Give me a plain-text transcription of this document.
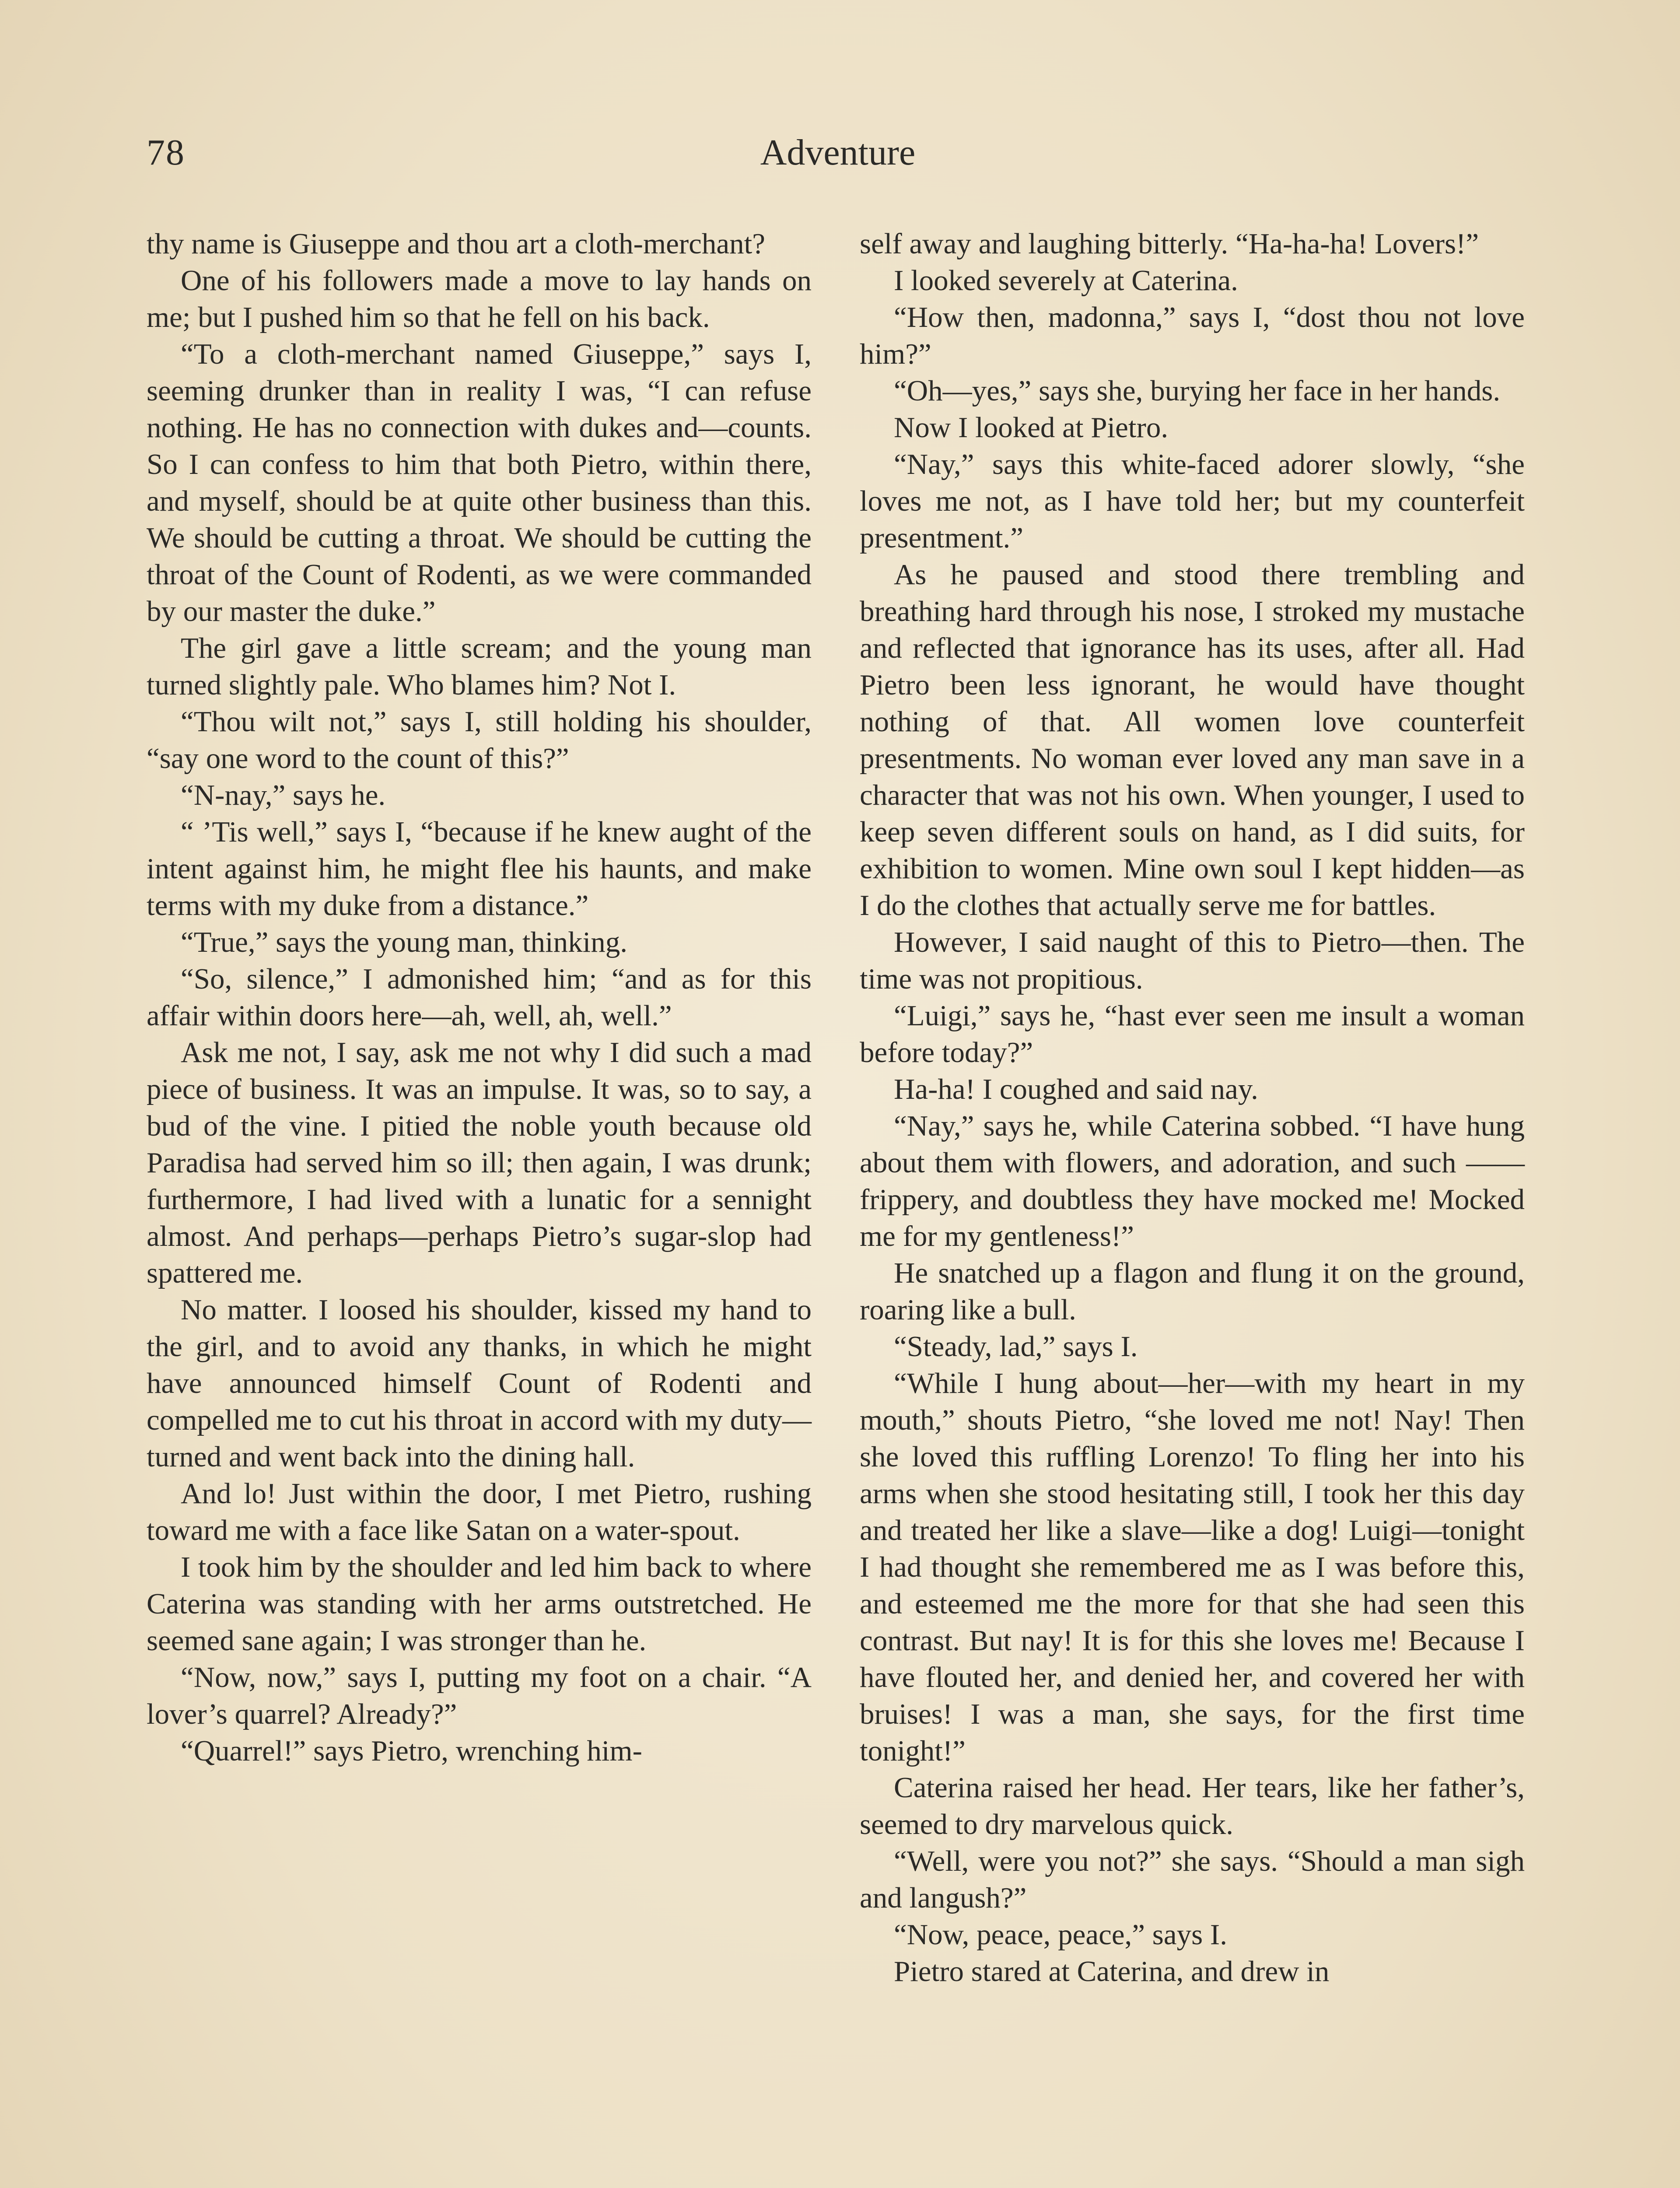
78	Adventure

thy name is Giuseppe and thou art a cloth-merchant?

One of his followers made a move to lay hands on me; but I pushed him so that he fell on his back.

“To a cloth-merchant named Giuseppe,” says I, seeming drunker than in reality I was, “I can refuse nothing. He has no connection with dukes and—counts. So I can confess to him that both Pietro, within there, and myself, should be at quite other business than this. We should be cutting a throat. We should be cutting the throat of the Count of Rodenti, as we were commanded by our master the duke.”

The girl gave a little scream; and the young man turned slightly pale. Who blames him? Not I.

“Thou wilt not,” says I, still holding his shoulder, “say one word to the count of this?”

“N-nay,” says he.

“ ’Tis well,” says I, “because if he knew aught of the intent against him, he might flee his haunts, and make terms with my duke from a distance.”

“True,” says the young man, thinking.

“So, silence,” I admonished him; “and as for this affair within doors here—ah, well, ah, well.”

Ask me not, I say, ask me not why I did such a mad piece of business. It was an impulse. It was, so to say, a bud of the vine. I pitied the noble youth because old Paradisa had served him so ill; then again, I was drunk; furthermore, I had lived with a lunatic for a sennight almost. And perhaps—perhaps Pietro’s sugar-slop had spattered me.

No matter. I loosed his shoulder, kissed my hand to the girl, and to avoid any thanks, in which he might have announced himself Count of Rodenti and compelled me to cut his throat in accord with my duty—turned and went back into the dining hall.

And lo! Just within the door, I met Pietro, rushing toward me with a face like Satan on a water-spout.

I took him by the shoulder and led him back to where Caterina was standing with her arms outstretched. He seemed sane again; I was stronger than he.

“Now, now,” says I, putting my foot on a chair. “A lover’s quarrel? Already?”

“Quarrel!” says Pietro, wrenching him-

self away and laughing bitterly. “Ha-ha-ha! Lovers!”

I looked severely at Caterina.

“How then, madonna,” says I, “dost thou not love him?”

“Oh—yes,” says she, burying her face in her hands.

Now I looked at Pietro.

“Nay,” says this white-faced adorer slowly, “she loves me not, as I have told her; but my counterfeit presentment.”

As he paused and stood there trembling and breathing hard through his nose, I stroked my mustache and reflected that ignorance has its uses, after all. Had Pietro been less ignorant, he would have thought nothing of that. All women love counterfeit presentments. No woman ever loved any man save in a character that was not his own. When younger, I used to keep seven different souls on hand, as I did suits, for exhibition to women. Mine own soul I kept hidden—as I do the clothes that actually serve me for battles.

However, I said naught of this to Pietro—then. The time was not propitious.

“Luigi,” says he, “hast ever seen me insult a woman before today?”

Ha-ha! I coughed and said nay.

“Nay,” says he, while Caterina sobbed. “I have hung about them with flowers, and adoration, and such —— frippery, and doubtless they have mocked me! Mocked me for my gentleness!”

He snatched up a flagon and flung it on the ground, roaring like a bull.

“Steady, lad,” says I.

“While I hung about—her—with my heart in my mouth,” shouts Pietro, “she loved me not! Nay! Then she loved this ruffling Lorenzo! To fling her into his arms when she stood hesitating still, I took her this day and treated her like a slave—like a dog! Luigi—tonight I had thought she remembered me as I was before this, and esteemed me the more for that she had seen this contrast. But nay! It is for this she loves me! Because I have flouted her, and denied her, and covered her with bruises! I was a man, she says, for the first time tonight!”

Caterina raised her head. Her tears, like her father’s, seemed to dry marvelous quick.

“Well, were you not?” she says. “Should a man sigh and langush?”

“Now, peace, peace,” says I.

Pietro stared at Caterina, and drew in
